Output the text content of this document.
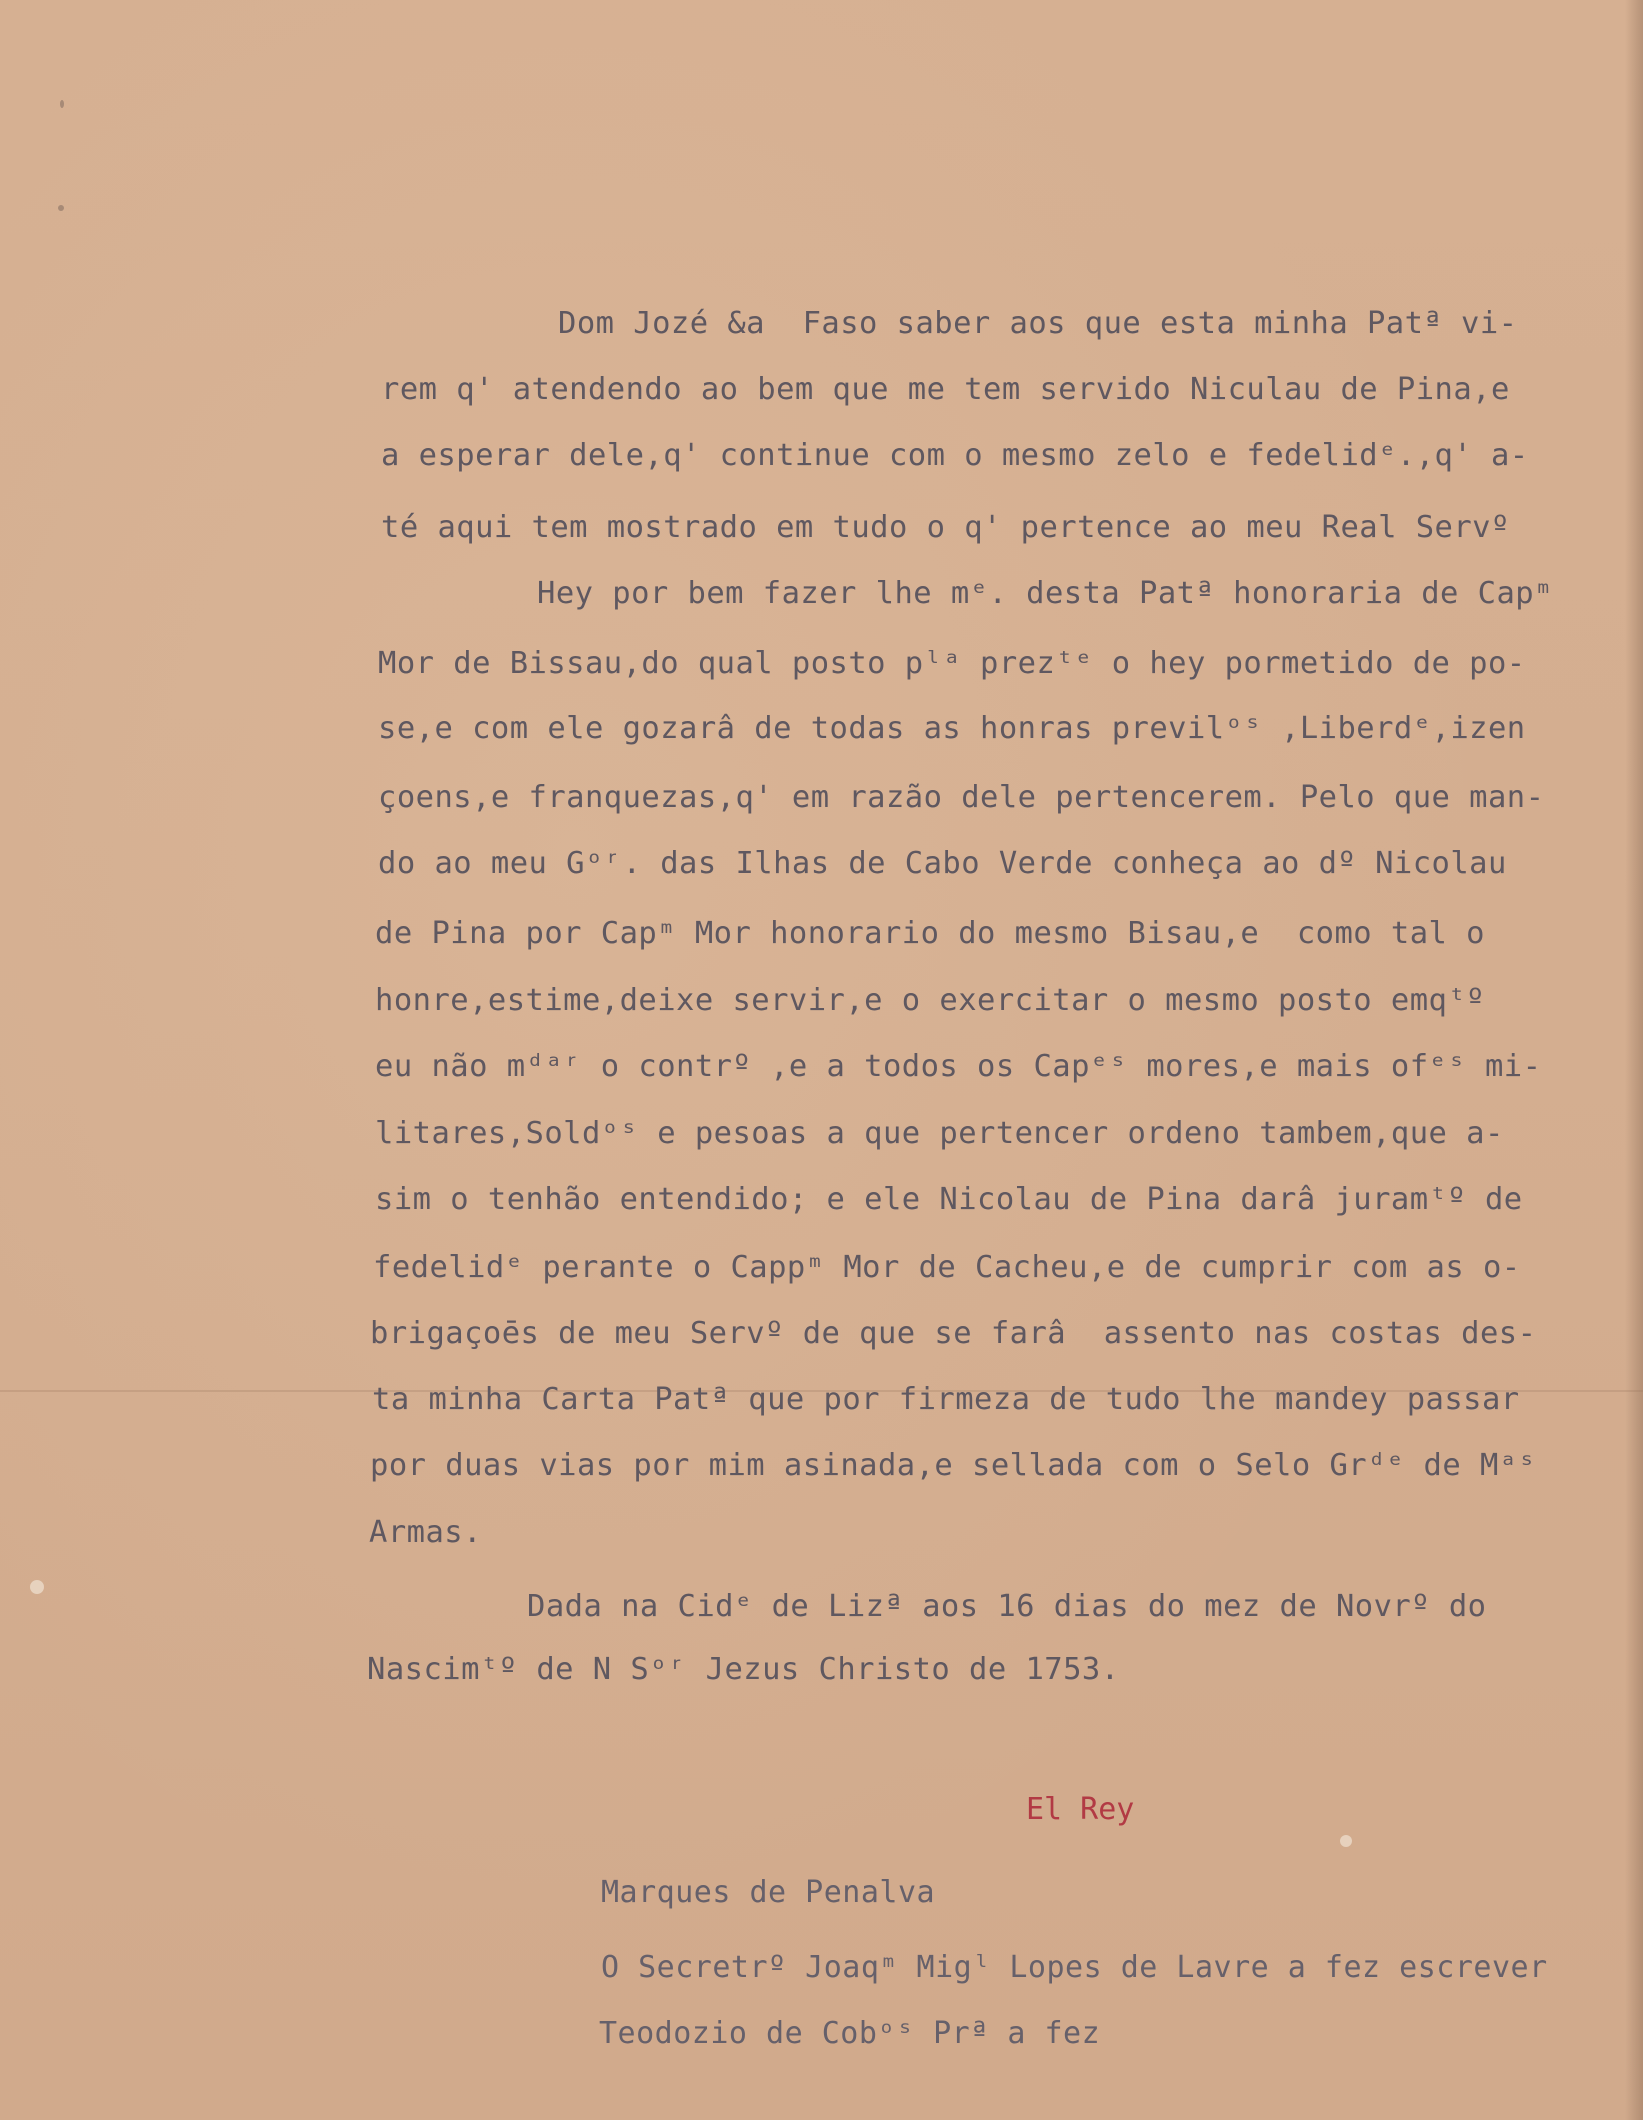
Dom Jozé &a  Faso saber aos que esta minha Patª vi-
rem q' atendendo ao bem que me tem servido Niculau de Pina,e
a esperar dele,q' continue com o mesmo zelo e fedelidᵉ.,q' a-
té aqui tem mostrado em tudo o q' pertence ao meu Real Servº
Hey por bem fazer lhe mᵉ. desta Patª honoraria de Capᵐ
Mor de Bissau,do qual posto pˡᵃ prezᵗᵉ o hey pormetido de po-
se,e com ele gozarâ de todas as honras previlᵒˢ ,Liberdᵉ,izen
çoens,e franquezas,q' em razão dele pertencerem. Pelo que man-
do ao meu Gᵒʳ. das Ilhas de Cabo Verde conheça ao dº Nicolau
de Pina por Capᵐ Mor honorario do mesmo Bisau,e  como tal o
honre,estime,deixe servir,e o exercitar o mesmo posto emqᵗº
eu não mᵈᵃʳ o contrº ,e a todos os Capᵉˢ mores,e mais ofᵉˢ mi-
litares,Soldᵒˢ e pesoas a que pertencer ordeno tambem,que a-
sim o tenhão entendido; e ele Nicolau de Pina darâ juramᵗº de
fedelidᵉ perante o Cappᵐ Mor de Cacheu,e de cumprir com as o-
brigaçoēs de meu Servº de que se farâ  assento nas costas des-
ta minha Carta Patª que por firmeza de tudo lhe mandey passar
por duas vias por mim asinada,e sellada com o Selo Grᵈᵉ de Mᵃˢ
Armas.
Dada na Cidᵉ de Lizª aos 16 dias do mez de Novrº do
Nascimᵗº de N Sᵒʳ Jezus Christo de 1753.
El Rey
Marques de Penalva
O Secretrº Joaqᵐ Migˡ Lopes de Lavre a fez escrever
Teodozio de Cobᵒˢ Prª a fez
